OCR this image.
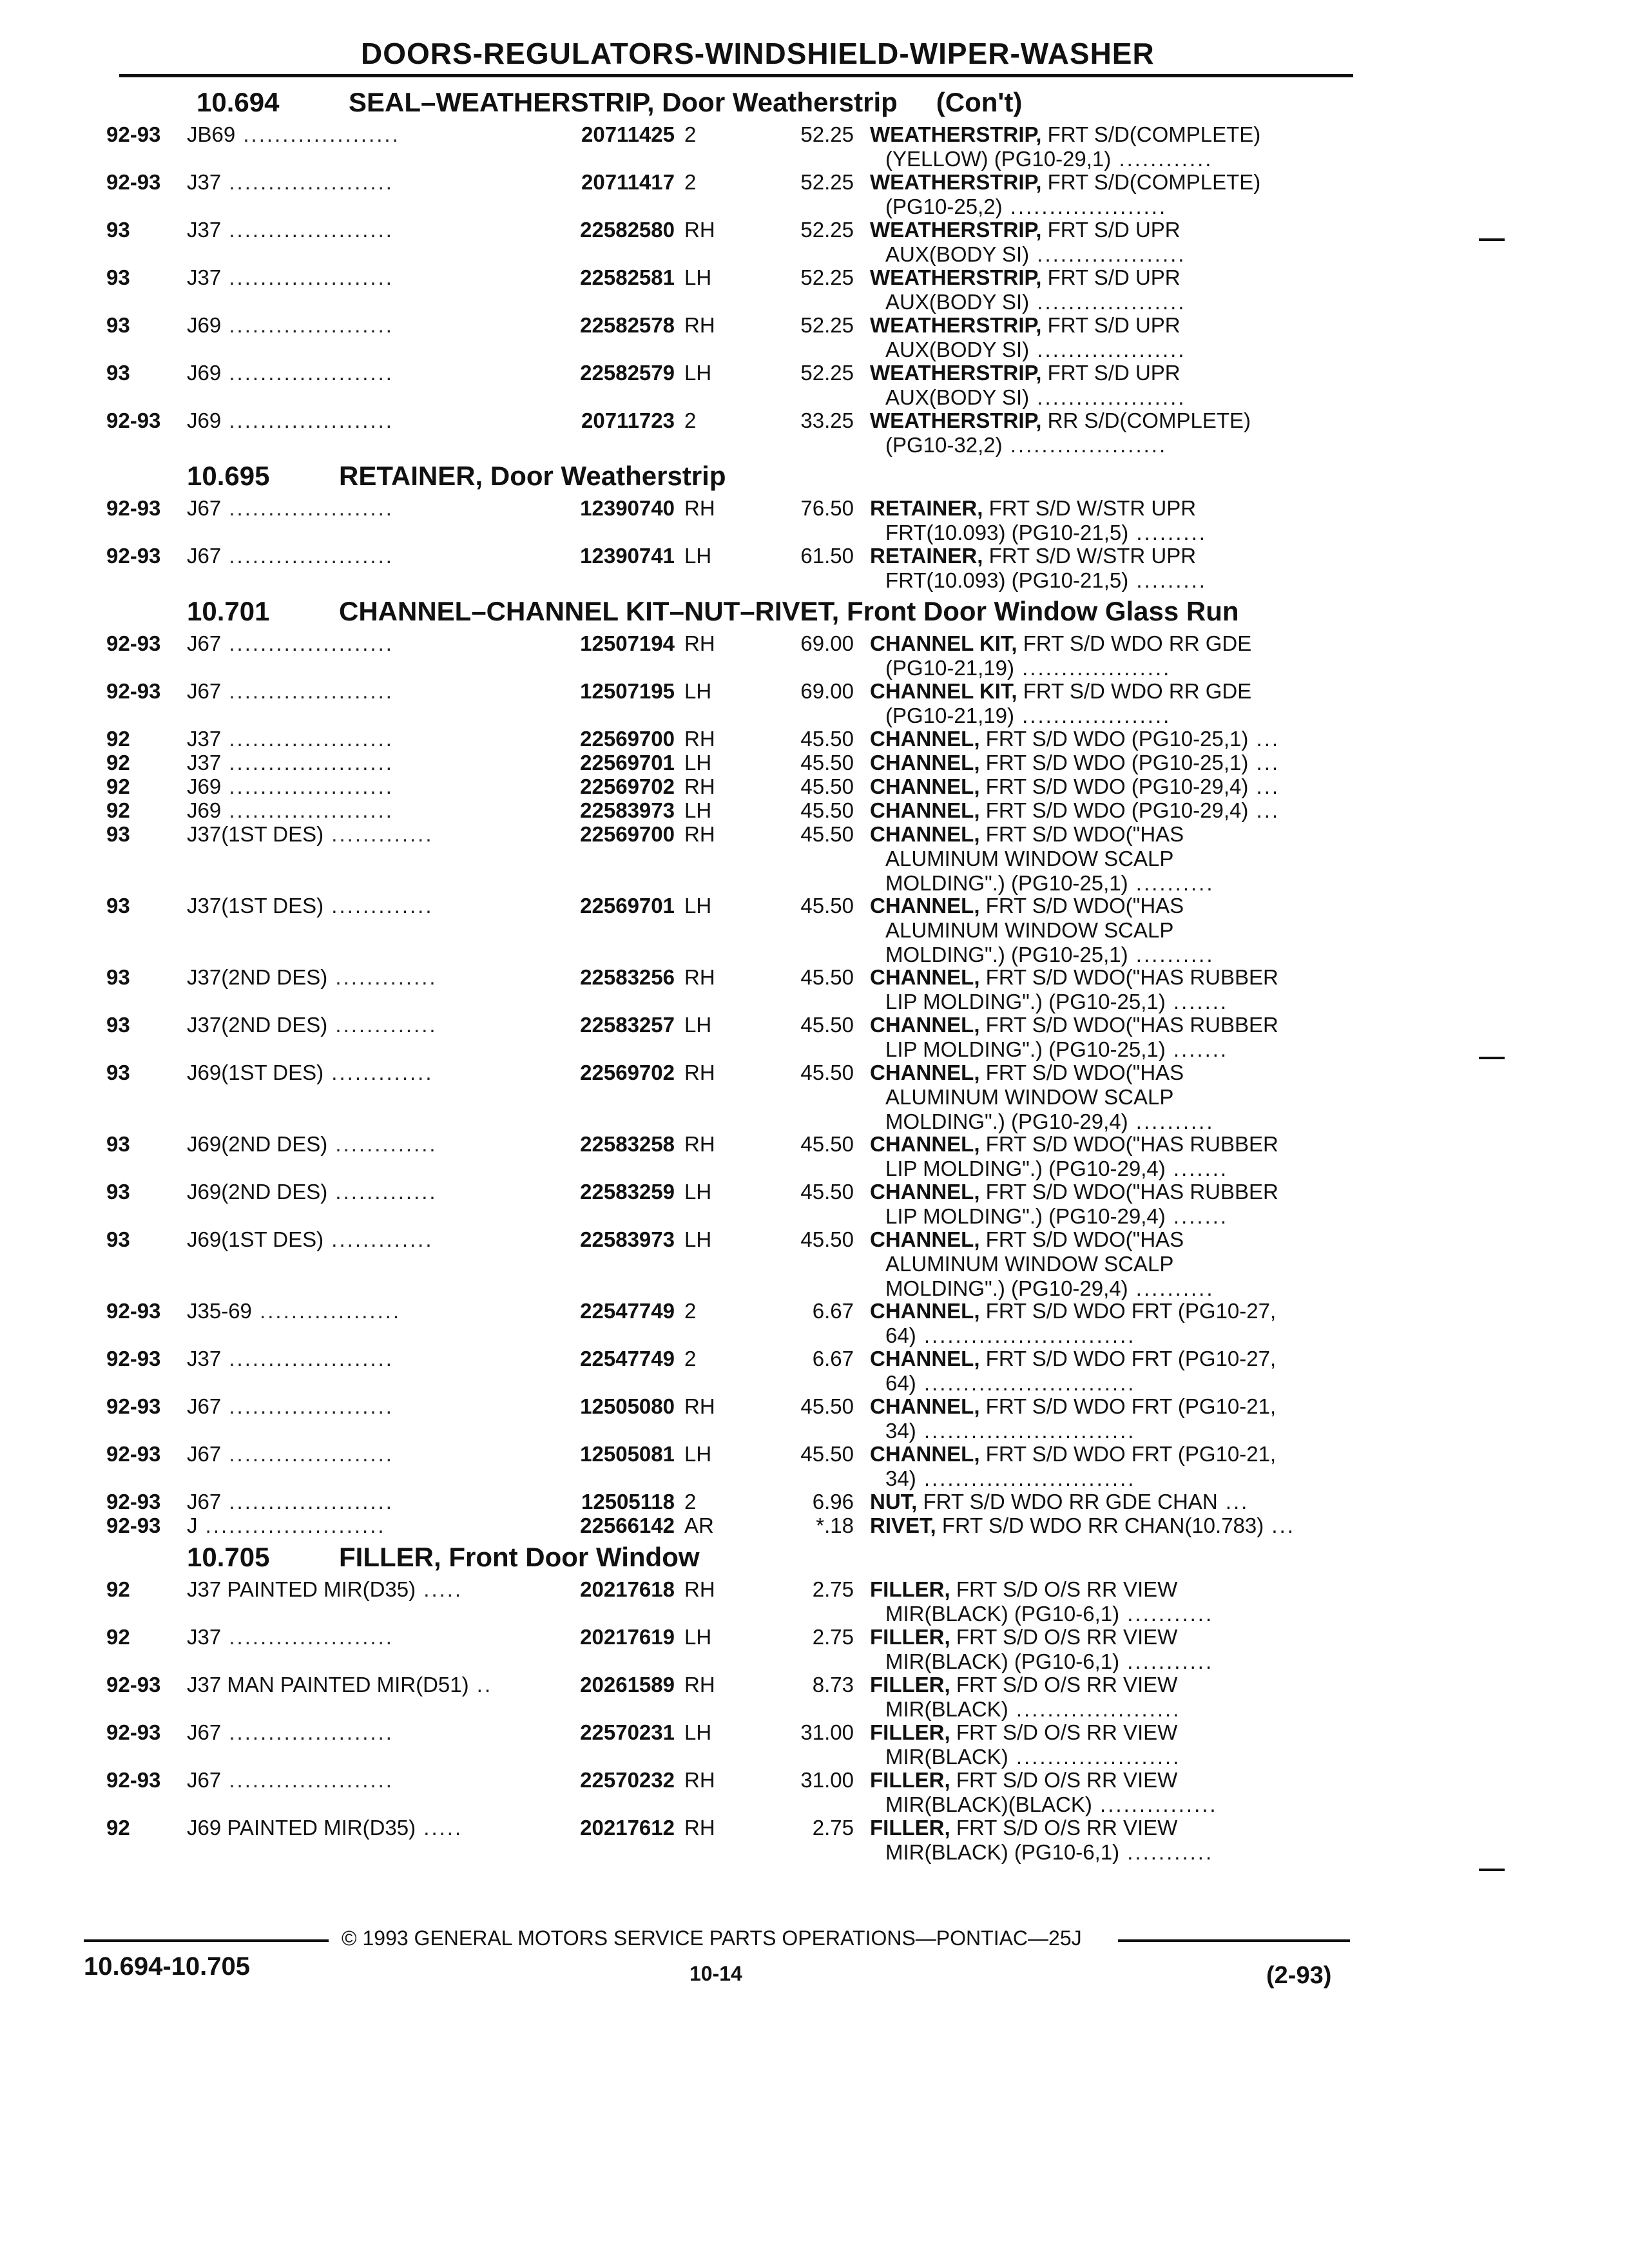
DOORS-REGULATORS-WINDSHIELD-WIPER-WASHER
10.694	SEAL–WEATHERSTRIP, Door Weatherstrip (Con't)
92-93 JB69 ....................	20711425 2	52.25 WEATHERSTRIP, FRT S/D(COMPLETE)
(YELLOW) (PG10-29,1) ............
92-93 J37 .....................	20711417 2	52.25 WEATHERSTRIP, FRT S/D(COMPLETE)
(PG10-25,2) ....................
93	J37 .....................	22582580 RH	52.25 WEATHERSTRIP, FRT S/D UPR
AUX(BODY SI) ...................
93	J37 .....................	22582581 LH	52.25 WEATHERSTRIP, FRT S/D UPR
AUX(BODY SI) ...................
93	J69 .....................	22582578 RH	52.25 WEATHERSTRIP, FRT S/D UPR
AUX(BODY SI) ...................
93	J69 .....................	22582579 LH	52.25 WEATHERSTRIP, FRT S/D UPR
AUX(BODY SI) ...................
92-93 J69 .....................	20711723 2	33.25 WEATHERSTRIP, RR S/D(COMPLETE)
(PG10-32,2) ....................
10.695	RETAINER, Door Weatherstrip
92-93 J67 .....................	12390740 RH	76.50 RETAINER, FRT S/D W/STR UPR
FRT(10.093) (PG10-21,5) .........
92-93 J67 .....................	12390741 LH	61.50 RETAINER, FRT S/D W/STR UPR
FRT(10.093) (PG10-21,5) .........
10.701	CHANNEL–CHANNEL KIT–NUT–RIVET, Front Door Window Glass Run
92-93 J67 .....................	12507194 RH	69.00 CHANNEL KIT, FRT S/D WDO RR GDE
(PG10-21,19) ...................
92-93 J67 .....................	12507195 LH	69.00 CHANNEL KIT, FRT S/D WDO RR GDE
(PG10-21,19) ...................
92	J37 .....................	22569700 RH	45.50 CHANNEL, FRT S/D WDO (PG10-25,1) ...
92	J37 .....................	22569701 LH	45.50 CHANNEL, FRT S/D WDO (PG10-25,1) ...
92	J69 .....................	22569702 RH	45.50 CHANNEL, FRT S/D WDO (PG10-29,4) ...
92	J69 .....................	22583973 LH	45.50 CHANNEL, FRT S/D WDO (PG10-29,4) ...
93	J37(1ST DES) .............	22569700 RH	45.50 CHANNEL, FRT S/D WDO("HAS
ALUMINUM WINDOW SCALP
MOLDING".) (PG10-25,1) ..........
93	J37(1ST DES) .............	22569701 LH	45.50 CHANNEL, FRT S/D WDO("HAS
ALUMINUM WINDOW SCALP
MOLDING".) (PG10-25,1) ..........
93	J37(2ND DES) .............	22583256 RH	45.50 CHANNEL, FRT S/D WDO("HAS RUBBER
LIP MOLDING".) (PG10-25,1) .......
93	J37(2ND DES) .............	22583257 LH	45.50 CHANNEL, FRT S/D WDO("HAS RUBBER
LIP MOLDING".) (PG10-25,1) .......
93	J69(1ST DES) .............	22569702 RH	45.50 CHANNEL, FRT S/D WDO("HAS
ALUMINUM WINDOW SCALP
MOLDING".) (PG10-29,4) ..........
93	J69(2ND DES) .............	22583258 RH	45.50 CHANNEL, FRT S/D WDO("HAS RUBBER
LIP MOLDING".) (PG10-29,4) .......
93	J69(2ND DES) .............	22583259 LH	45.50 CHANNEL, FRT S/D WDO("HAS RUBBER
LIP MOLDING".) (PG10-29,4) .......
93	J69(1ST DES) .............	22583973 LH	45.50 CHANNEL, FRT S/D WDO("HAS
ALUMINUM WINDOW SCALP
MOLDING".) (PG10-29,4) ..........
92-93 J35-69 ..................	22547749 2	6.67 CHANNEL, FRT S/D WDO FRT (PG10-27,
64) ...........................
92-93 J37 .....................	22547749 2	6.67 CHANNEL, FRT S/D WDO FRT (PG10-27,
64) ...........................
92-93 J67 .....................	12505080 RH	45.50 CHANNEL, FRT S/D WDO FRT (PG10-21,
34) ...........................
92-93 J67 .....................	12505081 LH	45.50 CHANNEL, FRT S/D WDO FRT (PG10-21,
34) ...........................
92-93 J67 .....................	12505118 2	6.96 NUT, FRT S/D WDO RR GDE CHAN ...
92-93 J .......................	22566142 AR	*.18 RIVET, FRT S/D WDO RR CHAN(10.783) ...
10.705	FILLER, Front Door Window
92	J37 PAINTED MIR(D35) .....	20217618 RH	2.75 FILLER, FRT S/D O/S RR VIEW
MIR(BLACK) (PG10-6,1) ...........
92	J37 .....................	20217619 LH	2.75 FILLER, FRT S/D O/S RR VIEW
MIR(BLACK) (PG10-6,1) ...........
92-93 J37 MAN PAINTED MIR(D51) ..	20261589 RH	8.73 FILLER, FRT S/D O/S RR VIEW
MIR(BLACK) .....................
92-93 J67 .....................	22570231 LH	31.00 FILLER, FRT S/D O/S RR VIEW
MIR(BLACK) .....................
92-93 J67 .....................	22570232 RH	31.00 FILLER, FRT S/D O/S RR VIEW
MIR(BLACK)(BLACK) ...............
92	J69 PAINTED MIR(D35) .....	20217612 RH	2.75 FILLER, FRT S/D O/S RR VIEW
MIR(BLACK) (PG10-6,1) ...........
© 1993 GENERAL MOTORS SERVICE PARTS OPERATIONS—PONTIAC—25J
10.694-10.705	10-14	(2-93)
